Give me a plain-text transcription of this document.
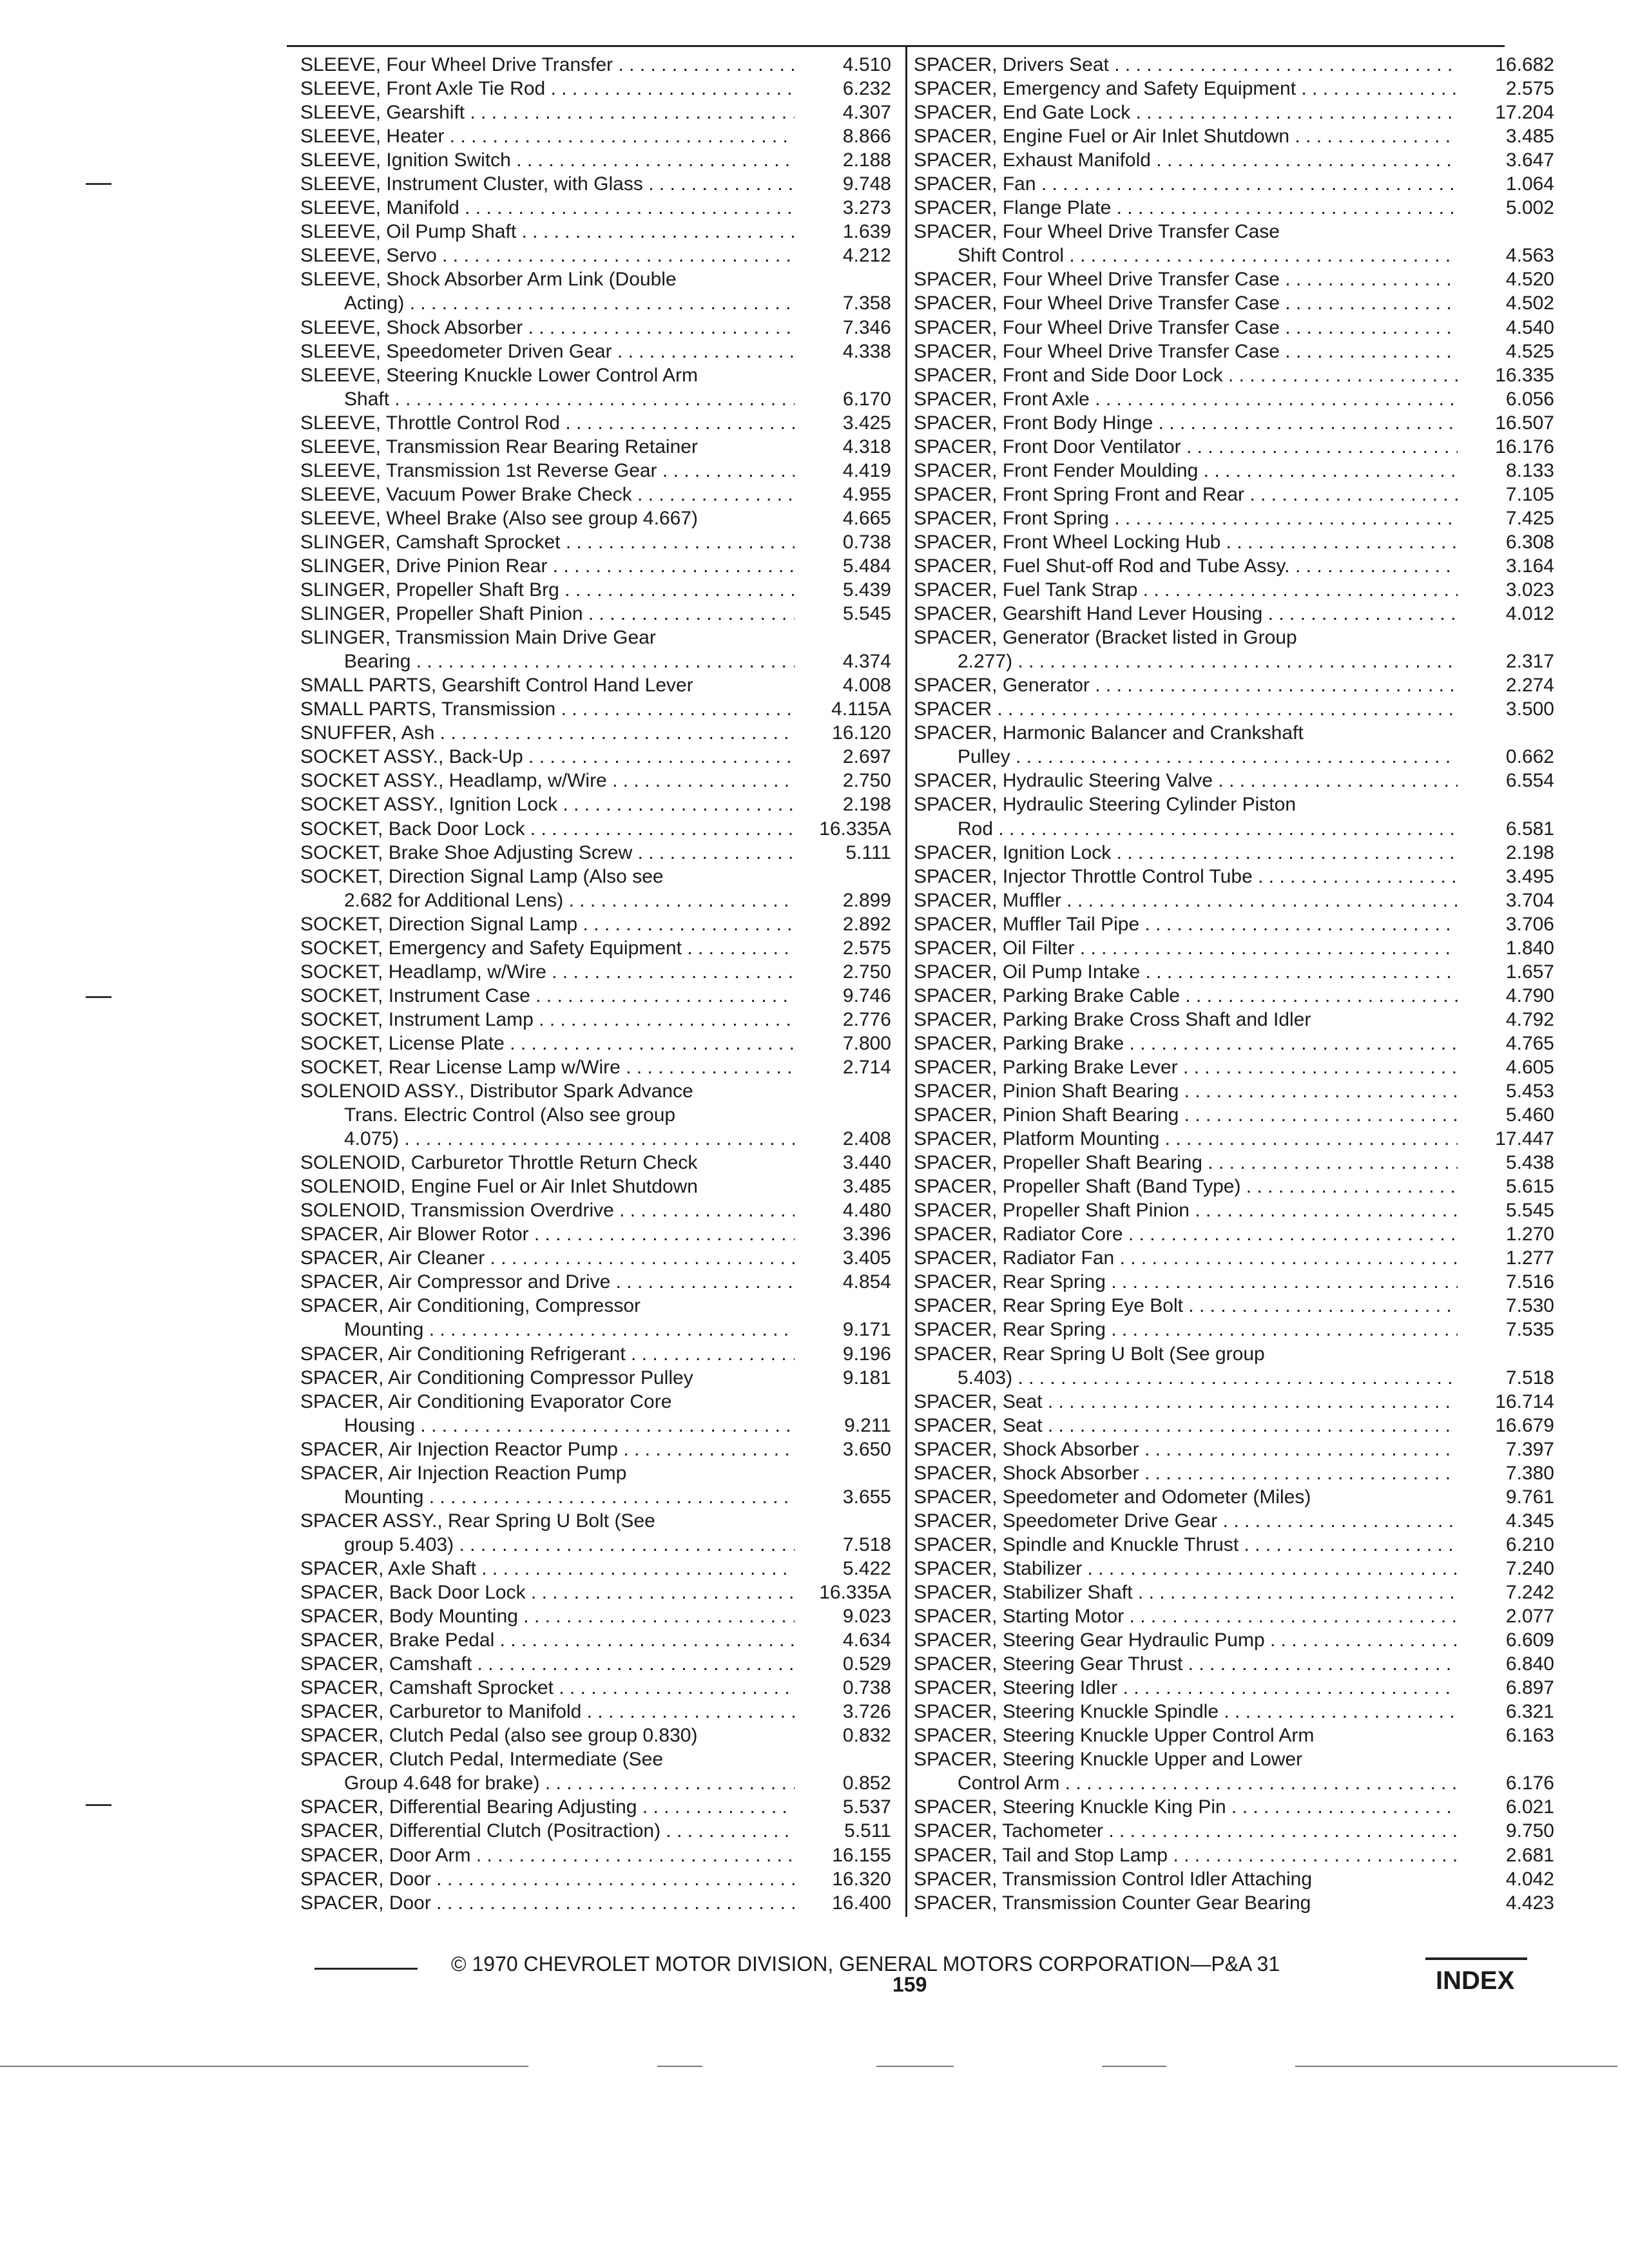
SLEEVE, Four Wheel Drive Transfer . . .	4.510
SLEEVE, Front Axle Tie Rod . . .	6.232
SLEEVE, Gearshift . . .	4.307
SLEEVE, Heater . . .	8.866
SLEEVE, Ignition Switch . . .	2.188
SLEEVE, Instrument Cluster, with Glass . . .	9.748
SLEEVE, Manifold . . .	3.273
SLEEVE, Oil Pump Shaft . . .	1.639
SLEEVE, Servo . . .	4.212
SLEEVE, Shock Absorber Arm Link (Double
Acting) . . .	7.358
SLEEVE, Shock Absorber . . .	7.346
SLEEVE, Speedometer Driven Gear . . .	4.338
SLEEVE, Steering Knuckle Lower Control Arm
Shaft . . .	6.170
SLEEVE, Throttle Control Rod . . .	3.425
SLEEVE, Transmission Rear Bearing Retainer	4.318
SLEEVE, Transmission 1st Reverse Gear . . .	4.419
SLEEVE, Vacuum Power Brake Check . . .	4.955
SLEEVE, Wheel Brake (Also see group 4.667)	4.665
SLINGER, Camshaft Sprocket . . .	0.738
SLINGER, Drive Pinion Rear . . .	5.484
SLINGER, Propeller Shaft Brg . . .	5.439
SLINGER, Propeller Shaft Pinion . . .	5.545
SLINGER, Transmission Main Drive Gear
Bearing . . .	4.374
SMALL PARTS, Gearshift Control Hand Lever	4.008
SMALL PARTS, Transmission . . .	4.115A
SNUFFER, Ash . . .	16.120
SOCKET ASSY., Back-Up . . .	2.697
SOCKET ASSY., Headlamp, w/Wire . . .	2.750
SOCKET ASSY., Ignition Lock . . .	2.198
SOCKET, Back Door Lock . . .	16.335A
SOCKET, Brake Shoe Adjusting Screw . . .	5.111
SOCKET, Direction Signal Lamp (Also see
2.682 for Additional Lens) . . .	2.899
SOCKET, Direction Signal Lamp . . .	2.892
SOCKET, Emergency and Safety Equipment . . .	2.575
SOCKET, Headlamp, w/Wire . . .	2.750
SOCKET, Instrument Case . . .	9.746
SOCKET, Instrument Lamp . . .	2.776
SOCKET, License Plate . . .	7.800
SOCKET, Rear License Lamp w/Wire . . .	2.714
SOLENOID ASSY., Distributor Spark Advance
Trans. Electric Control (Also see group
4.075) . . .	2.408
SOLENOID, Carburetor Throttle Return Check	3.440
SOLENOID, Engine Fuel or Air Inlet Shutdown	3.485
SOLENOID, Transmission Overdrive . . .	4.480
SPACER, Air Blower Rotor . . .	3.396
SPACER, Air Cleaner . . .	3.405
SPACER, Air Compressor and Drive . . .	4.854
SPACER, Air Conditioning, Compressor
Mounting . . .	9.171
SPACER, Air Conditioning Refrigerant . . .	9.196
SPACER, Air Conditioning Compressor Pulley	9.181
SPACER, Air Conditioning Evaporator Core
Housing . . .	9.211
SPACER, Air Injection Reactor Pump . . .	3.650
SPACER, Air Injection Reaction Pump
Mounting . . .	3.655
SPACER ASSY., Rear Spring U Bolt (See
group 5.403) . . .	7.518
SPACER, Axle Shaft . . .	5.422
SPACER, Back Door Lock . . .	16.335A
SPACER, Body Mounting . . .	9.023
SPACER, Brake Pedal . . .	4.634
SPACER, Camshaft . . .	0.529
SPACER, Camshaft Sprocket . . .	0.738
SPACER, Carburetor to Manifold . . .	3.726
SPACER, Clutch Pedal (also see group 0.830)	0.832
SPACER, Clutch Pedal, Intermediate (See
Group 4.648 for brake) . . .	0.852
SPACER, Differential Bearing Adjusting . . .	5.537
SPACER, Differential Clutch (Positraction) . . .	5.511
SPACER, Door Arm . . .	16.155
SPACER, Door . . .	16.320
SPACER, Door . . .	16.400
SPACER, Drivers Seat . . .	16.682
SPACER, Emergency and Safety Equipment . . .	2.575
SPACER, End Gate Lock . . .	17.204
SPACER, Engine Fuel or Air Inlet Shutdown . . .	3.485
SPACER, Exhaust Manifold . . .	3.647
SPACER, Fan . . .	1.064
SPACER, Flange Plate . . .	5.002
SPACER, Four Wheel Drive Transfer Case
Shift Control . . .	4.563
SPACER, Four Wheel Drive Transfer Case . . .	4.520
SPACER, Four Wheel Drive Transfer Case . . .	4.502
SPACER, Four Wheel Drive Transfer Case . . .	4.540
SPACER, Four Wheel Drive Transfer Case . . .	4.525
SPACER, Front and Side Door Lock . . .	16.335
SPACER, Front Axle . . .	6.056
SPACER, Front Body Hinge . . .	16.507
SPACER, Front Door Ventilator . . .	16.176
SPACER, Front Fender Moulding . . .	8.133
SPACER, Front Spring Front and Rear . . .	7.105
SPACER, Front Spring . . .	7.425
SPACER, Front Wheel Locking Hub . . .	6.308
SPACER, Fuel Shut-off Rod and Tube Assy. . . .	3.164
SPACER, Fuel Tank Strap . . .	3.023
SPACER, Gearshift Hand Lever Housing . . .	4.012
SPACER, Generator (Bracket listed in Group
2.277) . . .	2.317
SPACER, Generator . . .	2.274
SPACER . . .	3.500
SPACER, Harmonic Balancer and Crankshaft
Pulley . . .	0.662
SPACER, Hydraulic Steering Valve . . .	6.554
SPACER, Hydraulic Steering Cylinder Piston
Rod . . .	6.581
SPACER, Ignition Lock . . .	2.198
SPACER, Injector Throttle Control Tube . . .	3.495
SPACER, Muffler . . .	3.704
SPACER, Muffler Tail Pipe . . .	3.706
SPACER, Oil Filter . . .	1.840
SPACER, Oil Pump Intake . . .	1.657
SPACER, Parking Brake Cable . . .	4.790
SPACER, Parking Brake Cross Shaft and Idler	4.792
SPACER, Parking Brake . . .	4.765
SPACER, Parking Brake Lever . . .	4.605
SPACER, Pinion Shaft Bearing . . .	5.453
SPACER, Pinion Shaft Bearing . . .	5.460
SPACER, Platform Mounting . . .	17.447
SPACER, Propeller Shaft Bearing . . .	5.438
SPACER, Propeller Shaft (Band Type) . . .	5.615
SPACER, Propeller Shaft Pinion . . .	5.545
SPACER, Radiator Core . . .	1.270
SPACER, Radiator Fan . . .	1.277
SPACER, Rear Spring . . .	7.516
SPACER, Rear Spring Eye Bolt . . .	7.530
SPACER, Rear Spring . . .	7.535
SPACER, Rear Spring U Bolt (See group
5.403) . . .	7.518
SPACER, Seat . . .	16.714
SPACER, Seat . . .	16.679
SPACER, Shock Absorber . . .	7.397
SPACER, Shock Absorber . . .	7.380
SPACER, Speedometer and Odometer (Miles)	9.761
SPACER, Speedometer Drive Gear . . .	4.345
SPACER, Spindle and Knuckle Thrust . . .	6.210
SPACER, Stabilizer . . .	7.240
SPACER, Stabilizer Shaft . . .	7.242
SPACER, Starting Motor . . .	2.077
SPACER, Steering Gear Hydraulic Pump . . .	6.609
SPACER, Steering Gear Thrust . . .	6.840
SPACER, Steering Idler . . .	6.897
SPACER, Steering Knuckle Spindle . . .	6.321
SPACER, Steering Knuckle Upper Control Arm	6.163
SPACER, Steering Knuckle Upper and Lower
Control Arm . . .	6.176
SPACER, Steering Knuckle King Pin . . .	6.021
SPACER, Tachometer . . .	9.750
SPACER, Tail and Stop Lamp . . .	2.681
SPACER, Transmission Control Idler Attaching	4.042
SPACER, Transmission Counter Gear Bearing	4.423
© 1970 CHEVROLET MOTOR DIVISION, GENERAL MOTORS CORPORATION—P&A 31
159	INDEX
